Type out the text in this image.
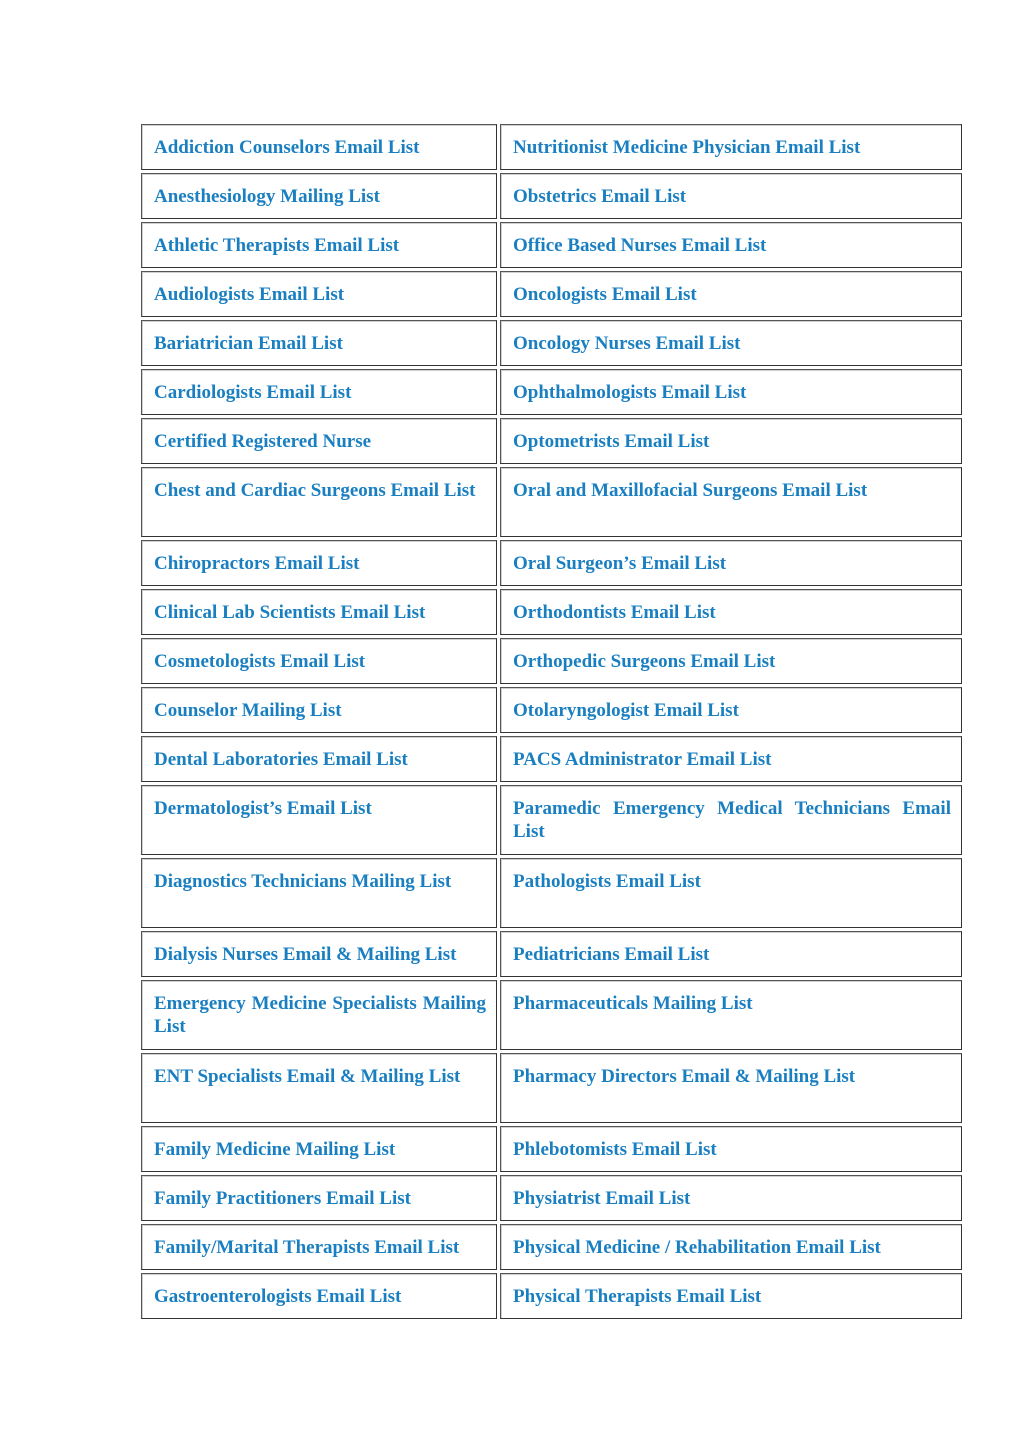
Addiction Counselors Email List	Nutritionist Medicine Physician Email List
Anesthesiology Mailing List	Obstetrics Email List
Athletic Therapists Email List	Office Based Nurses Email List
Audiologists Email List	Oncologists Email List
Bariatrician Email List	Oncology Nurses Email List
Cardiologists Email List	Ophthalmologists Email List
Certified Registered Nurse	Optometrists Email List
Chest and Cardiac Surgeons Email List	Oral and Maxillofacial Surgeons Email List
Chiropractors Email List	Oral Surgeon’s Email List
Clinical Lab Scientists Email List	Orthodontists Email List
Cosmetologists Email List	Orthopedic Surgeons Email List
Counselor Mailing List	Otolaryngologist Email List
Dental Laboratories Email List	PACS Administrator Email List
Dermatologist’s Email List	Paramedic Emergency Medical Technicians Email List
Diagnostics Technicians Mailing List	Pathologists Email List
Dialysis Nurses Email & Mailing List	Pediatricians Email List
Emergency Medicine Specialists Mailing List	Pharmaceuticals Mailing List
ENT Specialists Email & Mailing List	Pharmacy Directors Email & Mailing List
Family Medicine Mailing List	Phlebotomists Email List
Family Practitioners Email List	Physiatrist Email List
Family/Marital Therapists Email List	Physical Medicine / Rehabilitation Email List
Gastroenterologists Email List	Physical Therapists Email List
